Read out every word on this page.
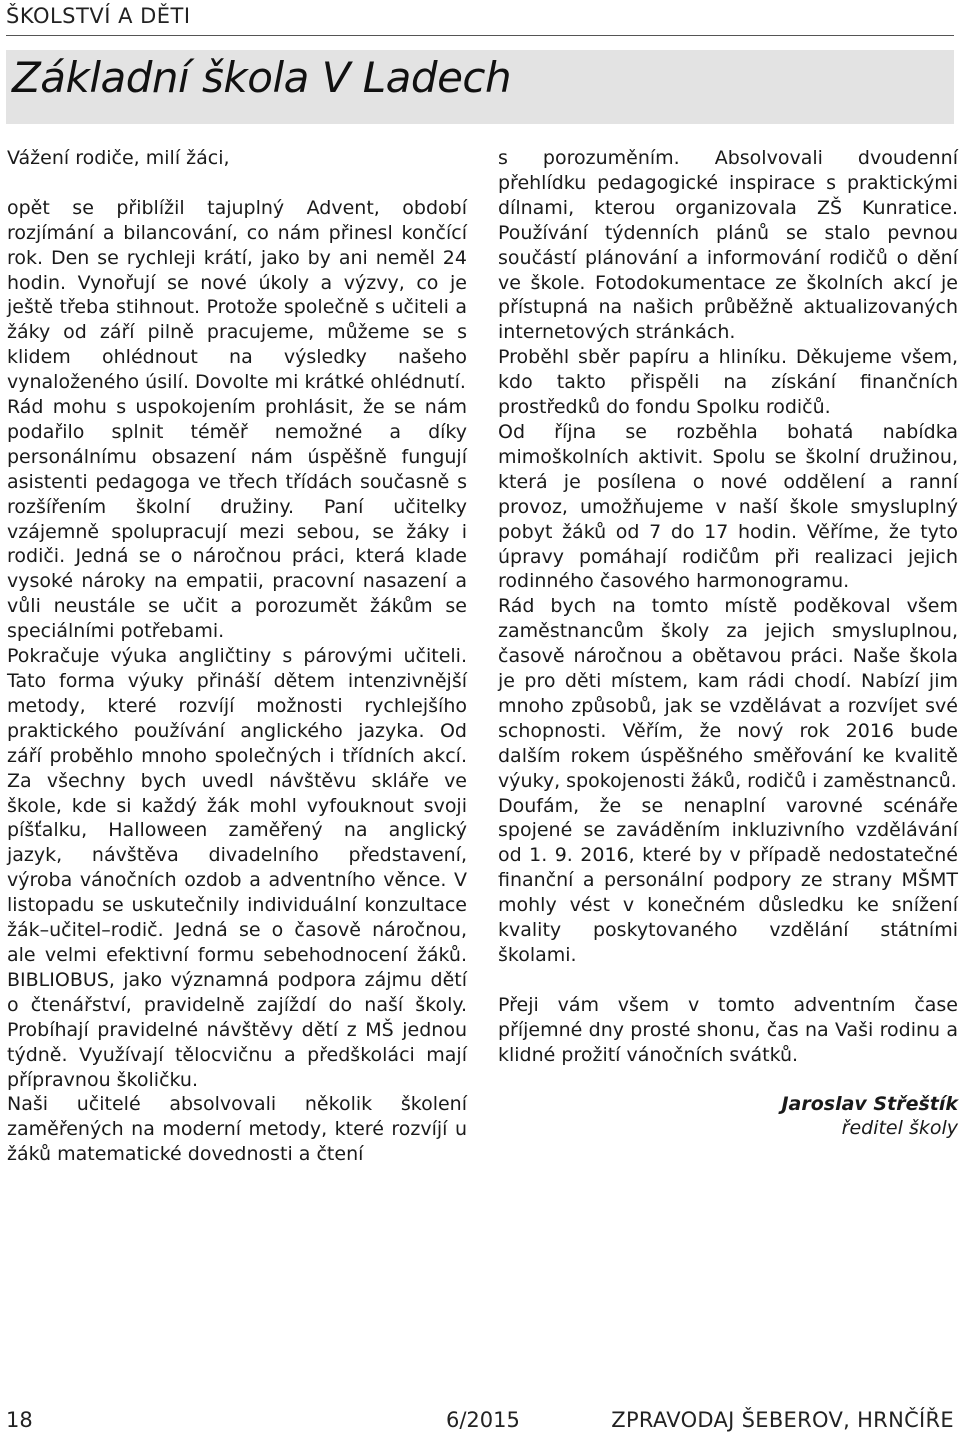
ŠKOLSTVÍ A DĚTI
Základní škola V Ladech

Vážení rodiče, milí žáci,

opět se přiblížil tajuplný Advent, období rozjímání a bilancování, co nám přinesl končící rok. Den se rychleji krátí, jako by ani neměl 24 hodin. Vynořují se nové úkoly a výzvy, co je ještě třeba stihnout. Protože společně s učiteli a žáky od září pilně pracujeme, můžeme se s klidem ohlédnout na výsledky našeho vynaloženého úsilí. Dovolte mi krátké ohlédnutí.

Rád mohu s uspokojením prohlásit, že se nám podařilo splnit téměř nemožné a díky personálnímu obsazení nám úspěšně fungují asistenti pedagoga ve třech třídách současně s rozšířením školní družiny. Paní učitelky vzájemně spolupracují mezi sebou, se žáky i rodiči. Jedná se o náročnou práci, která klade vysoké nároky na empatii, pracovní nasazení a vůli neustále se učit a porozumět žákům se speciálními potřebami.

Pokračuje výuka angličtiny s párovými učiteli. Tato forma výuky přináší dětem intenzivnější metody, které rozvíjí možnosti rychlejšího praktického používání anglického jazyka. Od září proběhlo mnoho společných i třídních akcí. Za všechny bych uvedl návštěvu sklářе ve škole, kde si každý žák mohl vyfouknout svoji píšťalku, Halloween zaměřený na anglický jazyk, návštěva divadelního představení, výroba vánočních ozdob a adventního věnce. V listopadu se uskutečnily individuální konzultace žák–učitel–rodič. Jedná se o časově náročnou, ale velmi efektivní formu sebehodnocení žáků. BIBLIOBUS, jako významná podpora zájmu dětí o čtenářství, pravidelně zajíždí do naší školy. Probíhají pravidelné návštěvy dětí z MŠ jednou týdně. Využívají tělocvičnu a předškoláci mají přípravnou školičku.

Naši učitelé absolvovali několik školení zaměřených na moderní metody, které rozvíjí u žáků matematické dovednosti a čtení

s porozuměním. Absolvovali dvoudenní přehlídku pedagogické inspirace s praktickými dílnami, kterou organizovala ZŠ Kunratice. Používání týdenních plánů se stalo pevnou součástí plánování a informování rodičů o dění ve škole. Fotodokumentace ze školních akcí je přístupná na našich průběžně aktualizovaných internetových stránkách.

Proběhl sběr papíru a hliníku. Děkujeme všem, kdo takto přispěli na získání finančních prostředků do fondu Spolku rodičů.

Od října se rozběhla bohatá nabídka mimoškolních aktivit. Spolu se školní družinou, která je posílena o nové oddělení a ranní provoz, umožňujeme v naší škole smysluplný pobyt žáků od 7 do 17 hodin. Věříme, že tyto úpravy pomáhají rodičům při realizaci jejich rodinného časového harmonogramu.

Rád bych na tomto místě poděkoval všem zaměstnancům školy za jejich smysluplnou, časově náročnou a obětavou práci. Naše škola je pro děti místem, kam rádi chodí. Nabízí jim mnoho způsobů, jak se vzdělávat a rozvíjet své schopnosti. Věřím, že nový rok 2016 bude dalším rokem úspěšného směřování ke kvalitě výuky, spokojenosti žáků, rodičů i zaměstnanců.

Doufám, že se nenaplní varovné scénáře spojené se zaváděním inkluzivního vzdělávání od 1. 9. 2016, které by v případě nedostatečné finanční a personální podpory ze strany MŠMT mohly vést v konečném důsledku ke snížení kvality poskytovaného vzdělání státními školami.

Přeji vám všem v tomto adventním čase příjemné dny prosté shonu, čas na Vaši rodinu a klidné prožití vánočních svátků.

Jaroslav Střeštík

ředitel školy

18	6/2015	ZPRAVODAJ ŠEBEROV, HRNČÍŘE
